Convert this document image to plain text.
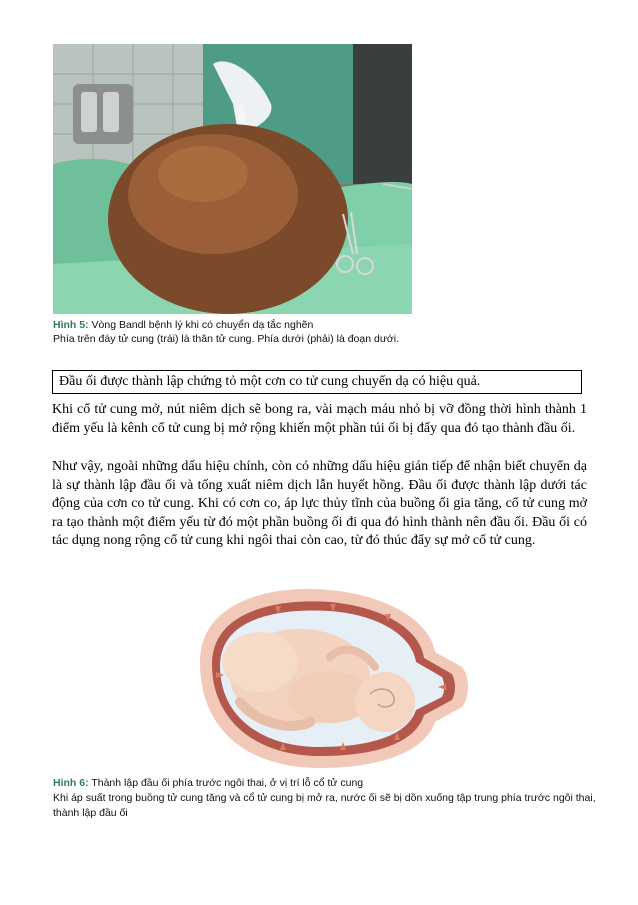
Hình 5: Vòng Bandl bệnh lý khi có chuyển dạ tắc nghẽn
Phía trên đáy tử cung (trái) là thân tử cung. Phía dưới (phải) là đoạn dưới.
Đầu ối được thành lập chứng tỏ một cơn co tử cung chuyển dạ có hiệu quả.
Khi cổ tử cung mở, nút niêm dịch sẽ bong ra, vài mạch máu nhỏ bị vỡ đồng thời hình thành 1 điểm yếu là kênh cổ tử cung bị mở rộng khiến một phần túi ối bị đẩy qua đó tạo thành đầu ối.
Như vậy, ngoài những dấu hiệu chính, còn có những dấu hiệu gián tiếp để nhận biết chuyển dạ là sự thành lập đầu ối và tống xuất niêm dịch lẫn huyết hồng. Đầu ối được thành lập dưới tác động của cơn co tử cung. Khi có cơn co, áp lực thủy tĩnh của buồng ối gia tăng, cổ tử cung mở ra tạo thành một điểm yếu từ đó một phần buồng ối đi qua đó hình thành nên đầu ối. Đầu ối có tác dụng nong rộng cổ tử cung khi ngôi thai còn cao, từ đó thúc đẩy sự mở cổ tử cung.
Hình 6: Thành lập đầu ối phía trước ngôi thai, ở vị trí lỗ cổ tử cung
Khi áp suất trong buồng tử cung tăng và cổ tử cung bị mở ra, nước ối sẽ bị dồn xuống tập trung phía trước ngôi thai, thành lập đầu ối
